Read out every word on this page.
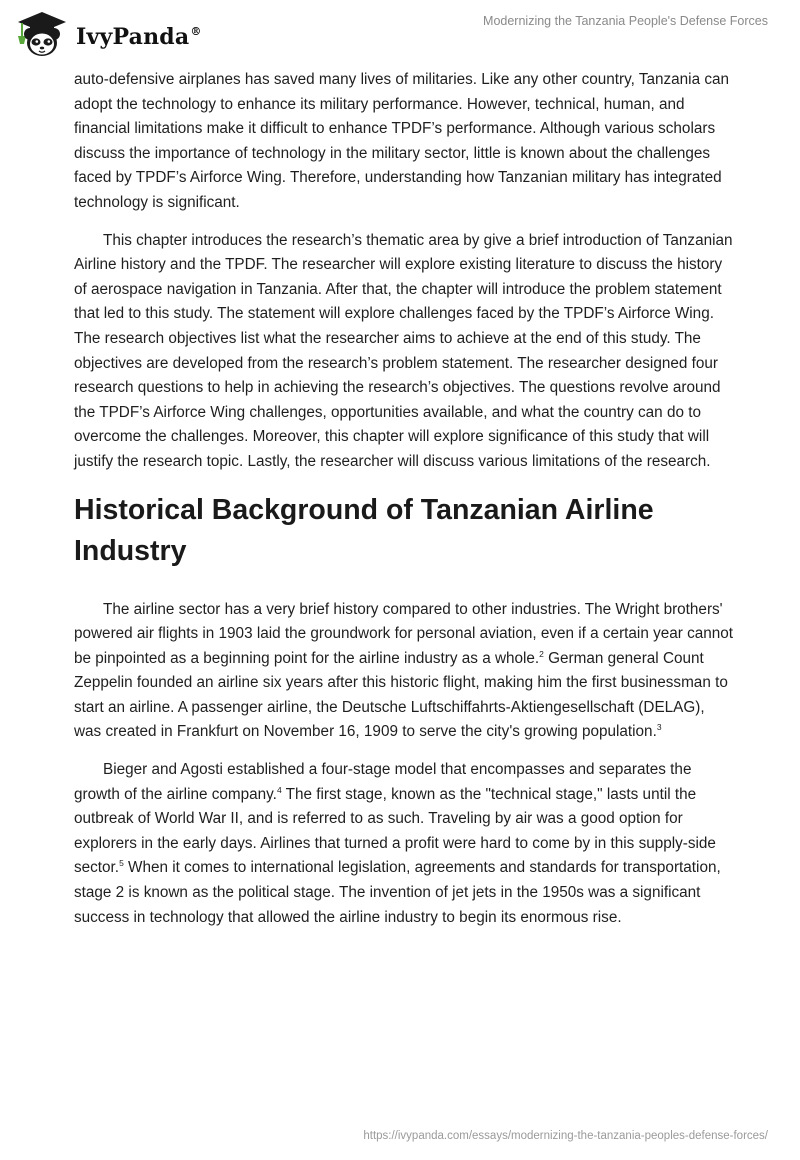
IvyPanda®
Modernizing the Tanzania People's Defense Forces

auto-defensive airplanes has saved many lives of militaries. Like any other country, Tanzania can adopt the technology to enhance its military performance. However, technical, human, and financial limitations make it difficult to enhance TPDF’s performance. Although various scholars discuss the importance of technology in the military sector, little is known about the challenges faced by TPDF’s Airforce Wing. Therefore, understanding how Tanzanian military has integrated technology is significant.

This chapter introduces the research’s thematic area by give a brief introduction of Tanzanian Airline history and the TPDF. The researcher will explore existing literature to discuss the history of aerospace navigation in Tanzania. After that, the chapter will introduce the problem statement that led to this study. The statement will explore challenges faced by the TPDF’s Airforce Wing. The research objectives list what the researcher aims to achieve at the end of this study. The objectives are developed from the research’s problem statement. The researcher designed four research questions to help in achieving the research’s objectives. The questions revolve around the TPDF’s Airforce Wing challenges, opportunities available, and what the country can do to overcome the challenges. Moreover, this chapter will explore significance of this study that will justify the research topic. Lastly, the researcher will discuss various limitations of the research.

Historical Background of Tanzanian Airline Industry

The airline sector has a very brief history compared to other industries. The Wright brothers' powered air flights in 1903 laid the groundwork for personal aviation, even if a certain year cannot be pinpointed as a beginning point for the airline industry as a whole.$^2$ German general Count Zeppelin founded an airline six years after this historic flight, making him the first businessman to start an airline. A passenger airline, the Deutsche Luftschiffahrts-Aktiengesellschaft (DELAG), was created in Frankfurt on November 16, 1909 to serve the city's growing population.$^3$

Bieger and Agosti established a four-stage model that encompasses and separates the growth of the airline company.$^4$ The first stage, known as the "technical stage," lasts until the outbreak of World War II, and is referred to as such. Traveling by air was a good option for explorers in the early days. Airlines that turned a profit were hard to come by in this supply-side sector.$^5$ When it comes to international legislation, agreements and standards for transportation, stage 2 is known as the political stage. The invention of jet jets in the 1950s was a significant success in technology that allowed the airline industry to begin its enormous rise.

https://ivypanda.com/essays/modernizing-the-tanzania-peoples-defense-forces/
